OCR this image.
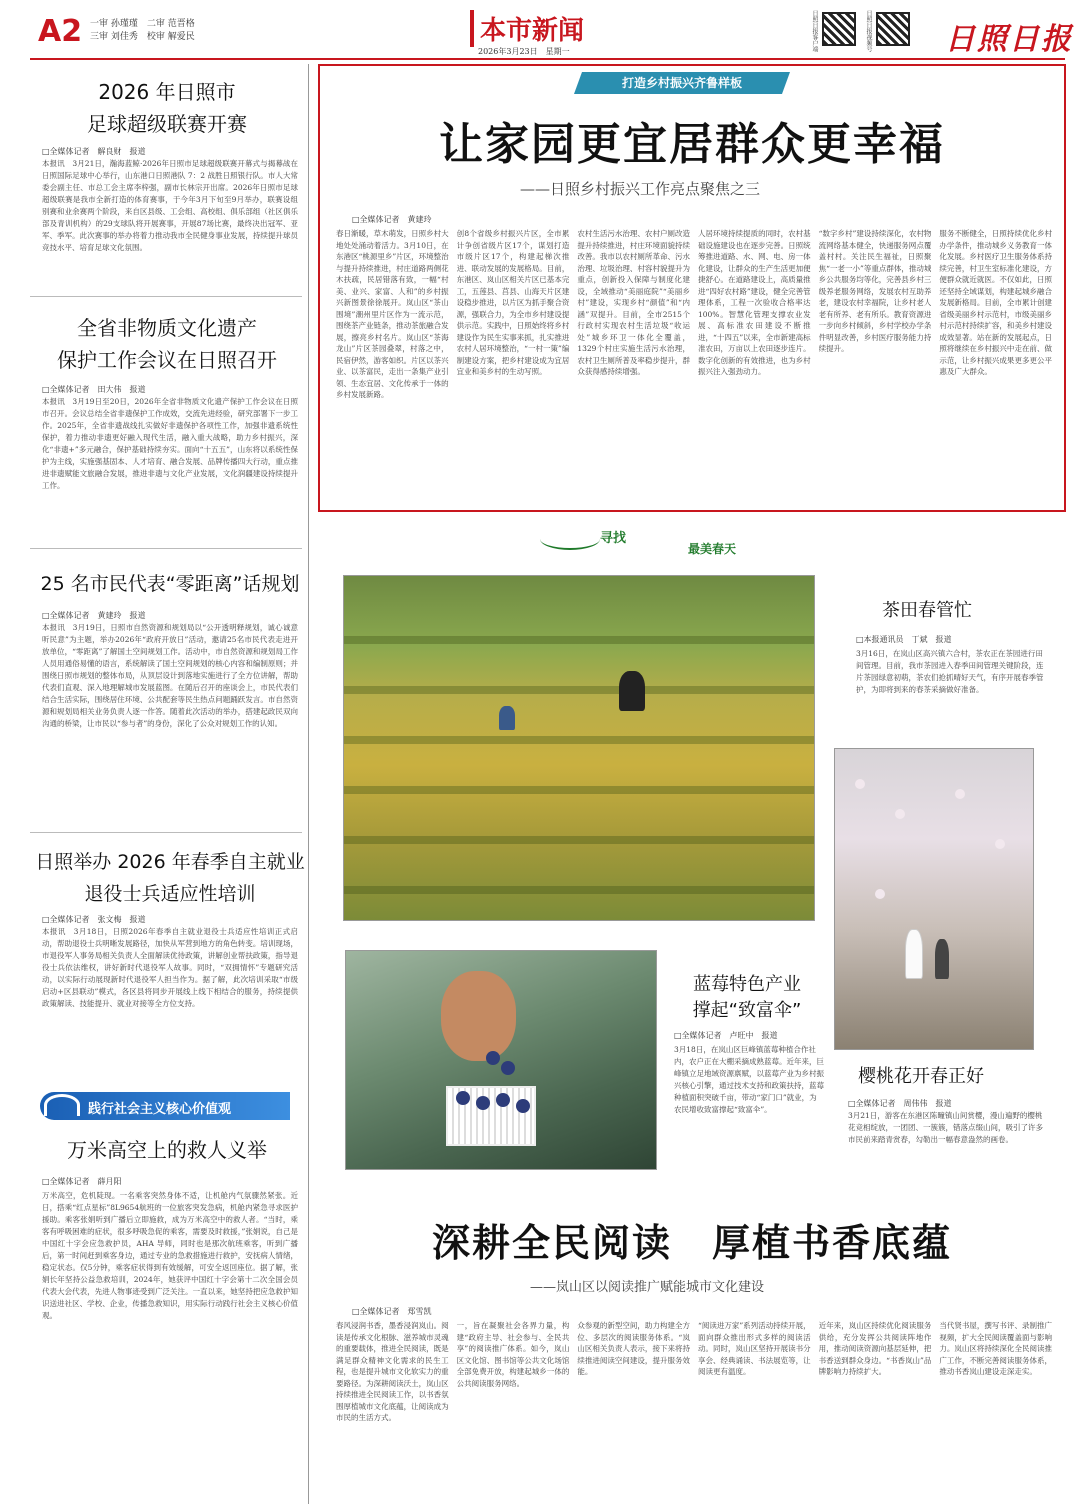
A2 一审 孙瑾瑾　 二审 范晋格
三审 刘佳秀　 校审 解爱民	本市新闻
2026年3月23日　星期一	日照日报客户端	日照日报视频号 日照日报
2026 年日照市
足球超级联赛开赛
□全媒体记者　解良财　报道
本报讯　3月21日，瀚海蓝鲸·2026年日照市足球超级联赛开幕式与揭幕战在日照国际足球中心举行，山东港口日照港队 7：2 战胜日照银行队。市人大常委会副主任、市总工会主席李梓强，副市长林宗开出席。2026年日照市足球超级联赛是我市全新打造的体育赛事，于今年3月下旬至9月举办，联赛设组别赛和业余赛两个阶段，来自区县级、工会组、高校组、俱乐部组（社区俱乐部及青训机构）的29支球队将开展赛事，开展87场比赛，最终决出冠军、亚军、季军。此次赛事的举办将着力推动我市全民健身事业发展，持续提升球员竞技水平、培育足球文化氛围。
全省非物质文化遗产
保护工作会议在日照召开
□全媒体记者　田大伟　报道
本报讯　3月19日至20日，2026年全省非物质文化遗产保护工作会议在日照市召开。会议总结全省非遗保护工作成效，交流先进经验，研究部署下一步工作。2025年，全省非遗战线扎实做好非遗保护各项性工作，加强非遗系统性保护，着力推动非遗更好融入现代生活，融入重大战略，助力乡村振兴，深化“非遗+”多元融合，保护基础持续夯实。面向“十五五”，山东将以系统性保护为主线，实施强基固本、人才培育、融合发展、品牌传播四大行动，重点推进非遗赋能文旅融合发展，推进非遗与文化产业发展，文化润疆建设持续提升工作。
25 名市民代表“零距离”话规划
□全媒体记者　黄建玲　报道
本报讯　3月19日，日照市自然资源和规划局以“公开透明释规划，诚心诚意听民意”为主题，举办2026年“政府开放日”活动，邀请25名市民代表走进开放单位，“零距离”了解国土空间规划工作。活动中，市自然资源和规划局工作人员用通俗易懂的语言，系统解读了国土空间规划的核心内容和编制原则；并围绕日照市规划的整体布局，从顶层设计到落地实施进行了全方位讲解，帮助代表们直观、深入地理解城市发展蓝图。在随后召开的座谈会上，市民代表们结合生活实际，围绕居住环境、公共配套等民生热点问题踊跃发言。市自然资源和规划局相关业务负责人逐一作答。随着此次活动的举办，搭建起政民双向沟通的桥梁，让市民以“参与者”的身份，深化了公众对规划工作的认知。
日照举办 2026 年春季自主就业
退役士兵适应性培训
□全媒体记者　张文梅　报道
本报讯　3月18日，日照2026年春季自主就业退役士兵适应性培训正式启动，帮助退役士兵明晰发展路径，加快从军营到地方的角色转变。培训现场，市退役军人事务局相关负责人全面解读优待政策，讲解创业帮扶政策，指导退役士兵依法维权，讲好新时代退役军人故事。同时，“双拥情怀”专题研究活动，以实际行动展现新时代退役军人担当作为。据了解，此次培训采取“市级启动+区县联动”模式，各区县将同步开展线上线下相结合的服务，持续提供政策解读、技能提升、就业对接等全方位支持。
践行社会主义核心价值观
万米高空上的救人义举
□全媒体记者　薛月阳
万米高空，危机陡现。一名乘客突然身体不适，让机舱内气氛骤然紧张。近日，搭乘“红点星标”8L9654航班的一位旅客突发急病，机舱内紧急寻求医护援助。乘客张娟听到广播后立即施救，成为万米高空中的救人者。“当时，乘客有呼吸困难的症状，很多呼吸急促的乘客，需要及时救援，”张娟说，自己是中国红十字会应急救护员，AHA 导师，同时也是那次航班乘客，听到广播后，第一时间赶到乘客身边，通过专业的急救措施进行救护，安抚病人情绪，稳定状态。仅5分钟，乘客症状得到有效缓解，可安全返回座位。据了解，张娟长年坚持公益急救培训，2024年，她获评中国红十字会第十二次全国会员代表大会代表，先进人物事迹受到广泛关注。一直以来，她坚持把应急救护知识送进社区、学校、企业，传播急救知识，用实际行动践行社会主义核心价值观。
打造乡村振兴齐鲁样板
让家园更宜居群众更幸福
——日照乡村振兴工作亮点聚焦之三
□全媒体记者　黄建玲
春日渐暖，草木萌发，日照乡村大地处处涌动着活力。3月10日，在东港区“桃源里乡”片区，环境整治与提升持续推进，村庄道路两侧花木扶疏，民居错落有致，一幅“村美、业兴、家富、人和”的乡村振兴新图景徐徐展开。岚山区“茶山围境”潮州里片区作为一流示范，围绕茶产业链条，推动茶旅融合发展，擦亮乡村名片。岚山区“茶海龙山”片区茶园叠翠，村落之中，民宿伊然，游客如织。片区以茶兴业、以茶富民，走出一条集产业引领、生态宜居、文化传承于一体的乡村发展新路。
创8个省级乡村振兴片区，全市累计争创省级片区17个，谋划打造市级片区17个，构建起梯次推进、联动发展的发展格局。目前，东港区、岚山区相关片区已基本完工，五莲县、莒县、山海天片区建设稳步推进，以片区为抓手聚合资源，强联合力，为全市乡村建设提供示范。实践中，日照始终将乡村建设作为民生实事来抓，扎实推进农村人居环境整治，“一村一策”编制建设方案，把乡村建设成为宜居宜业和美乡村的生动写照。
农村生活污水治理、农村户厕改造提升持续推进，村庄环境面貌持续改善。我市以农村厕所革命、污水治理、垃圾治理、村容村貌提升为重点，创新投入保障与制度化建设，全域推动“美丽庭院”“美丽乡村”建设，实现乡村“颜值”和“内涵”双提升。目前，全市2515个行政村实现农村生活垃圾“收运处”城乡环卫一体化全覆盖，1329个村庄实施生活污水治理，农村卫生厕所普及率稳步提升，群众获得感持续增强。
人居环境持续提质的同时，农村基础设施建设也在逐步完善。日照统筹推进道路、水、网、电、房一体化建设，让群众的生产生活更加便捷舒心。在道路建设上，高质量推进“四好农村路”建设，健全完善管理体系，工程一次验收合格率达100%。智慧化管理支撑农业发展、高标准农田建设不断推进，“十四五”以来，全市新建高标准农田，万亩以上农田逐步连片。数字化创新的有效推进，也为乡村振兴注入强劲动力。
“数字乡村”建设持续深化，农村物流网络基本健全，快递服务网点覆盖村村。关注民生福祉，日照聚焦“一老一小”等重点群体，推动城乡公共服务均等化，完善县乡村三级养老服务网络，发展农村互助养老，建设农村幸福院，让乡村老人老有所养、老有所乐。教育资源进一步向乡村倾斜，乡村学校办学条件明显改善，乡村医疗服务能力持续提升。
服务不断健全，日照持续优化乡村办学条件，推动城乡义务教育一体化发展。乡村医疗卫生服务体系持续完善，村卫生室标准化建设，方便群众就近就医。不仅如此，日照还坚持全域谋划，构建起城乡融合发展新格局。目前，全市累计创建省级美丽乡村示范村，市级美丽乡村示范村持续扩容，和美乡村建设成效显著。站在新的发展起点，日照将继续在乡村振兴中走在前、做示范，让乡村振兴成果更多更公平惠及广大群众。
寻找
最美春天
茶田春管忙
□本报通讯员　丁斌　报道
3月16日，在岚山区高兴镇六合村，茶农正在茶园进行田间管理。目前，我市茶园进入春季田间管理关键阶段，连片茶园绿意初萌，茶农们抢抓晴好天气，有序开展春季管护，为即将到来的春茶采摘做好准备。
蓝莓特色产业
撑起“致富伞”
□全媒体记者　卢旺中　报道
3月18日，在岚山区巨峰镇蓝莓种植合作社内，农户正在大棚采摘成熟蓝莓。近年来，巨峰镇立足地域资源禀赋，以蓝莓产业为乡村振兴核心引擎，通过技术支持和政策扶持，蓝莓种植面积突破千亩，带动“家门口”就业，为农民增收致富撑起“致富伞”。
樱桃花开春正好
□全媒体记者　周伟伟　报道
3月21日，游客在东港区陈疃镇山间赏樱，漫山遍野的樱桃花竞相绽放，一团团、一簇簇，错落点缀山间，吸引了许多市民前来踏青赏春，勾勒出一幅春意盎然的画卷。
深耕全民阅读　厚植书香底蕴
——岚山区以阅读推广赋能城市文化建设
□全媒体记者　郑雪凯
春风浸润书香，墨香浸润岚山。阅读是传承文化根脉、滋养城市灵魂的重要载体，推进全民阅读，既是满足群众精神文化需求的民生工程，也是提升城市文化软实力的重要路径。为深耕阅读沃土，岚山区持续推进全民阅读工作，以书香氛围厚植城市文化底蕴，让阅读成为市民的生活方式。
一，旨在凝聚社会各界力量，构建“政府主导、社会参与、全民共享”的阅读推广体系。如今，岚山区文化馆、图书馆等公共文化场馆全部免费开放，构建起城乡一体的公共阅读服务网络。
众参观的新型空间，助力构建全方位、多层次的阅读服务体系。“岚山区相关负责人表示，接下来将持续推进阅读空间建设，提升服务效能。
“阅读进万家”系列活动持续开展，面向群众推出形式多样的阅读活动。同时，岚山区坚持开展读书分享会、经典诵读、书法展览等，让阅读更有温度。
近年来，岚山区持续优化阅读服务供给，充分发挥公共阅读阵地作用，推动阅读资源向基层延伸，把书香送到群众身边。“书香岚山”品牌影响力持续扩大。
当代贤书屋，撰写书评、录制推广视频，扩大全民阅读覆盖面与影响力。岚山区将持续深化全民阅读推广工作，不断完善阅读服务体系，推动书香岚山建设走深走实。
